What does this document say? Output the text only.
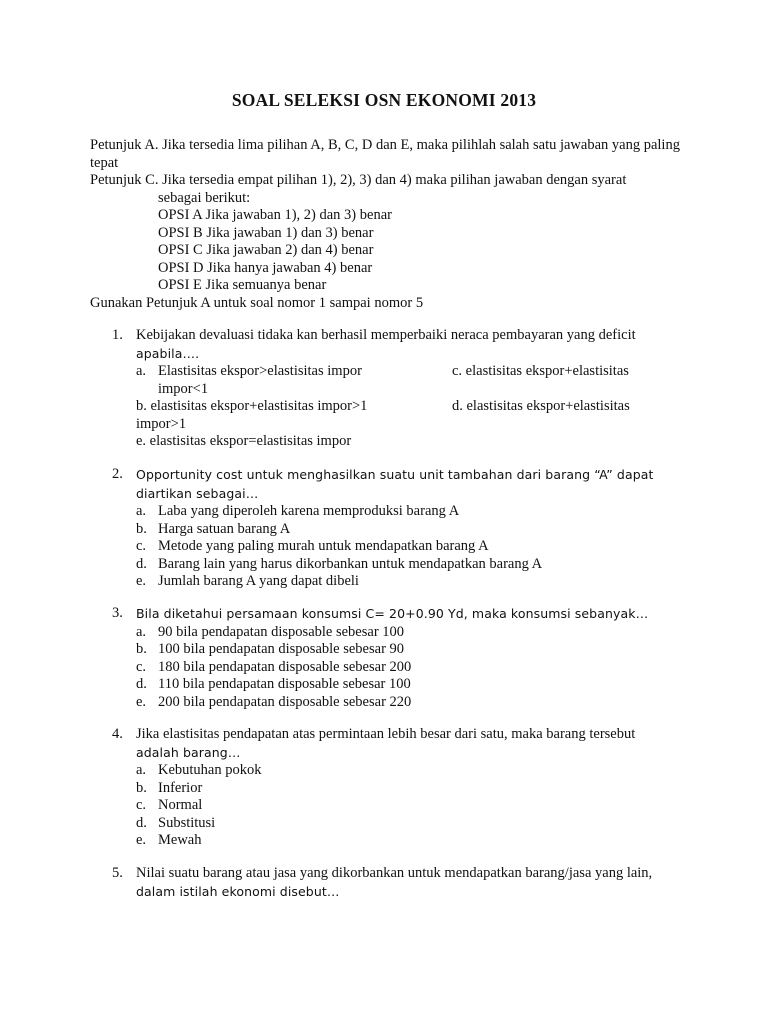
SOAL SELEKSI OSN EKONOMI 2013

Petunjuk A. Jika tersedia lima pilihan A, B, C, D dan E, maka pilihlah salah satu jawaban yang paling tepat

Petunjuk C. Jika tersedia empat pilihan 1), 2), 3) dan 4) maka pilihan jawaban dengan syarat

sebagai berikut:

OPSI A Jika jawaban 1), 2) dan 3) benar

OPSI B Jika jawaban 1) dan 3) benar

OPSI C Jika jawaban 2) dan 4) benar

OPSI D Jika hanya jawaban 4) benar

OPSI E Jika semuanya benar

Gunakan Petunjuk A untuk soal nomor 1 sampai nomor 5

1. Kebijakan devaluasi tidaka kan berhasil memperbaiki neraca pembayaran yang deficit
apabila….

a. Elastisitas ekspor>elastisitas impor
impor<1
c. elastisitas ekspor+elastisitas
b. elastisitas ekspor+elastisitas impor>1
impor>1
d. elastisitas ekspor+elastisitas
e. elastisitas ekspor=elastisitas impor
2.	Opportunity cost untuk menghasilkan suatu unit tambahan dari barang “A” dapat
diartikan sebagai…

a. Laba yang diperoleh karena memproduksi barang A
b. Harga satuan barang A
c. Metode yang paling murah untuk mendapatkan barang A
d. Barang lain yang harus dikorbankan untuk mendapatkan barang A
e. Jumlah barang A yang dapat dibeli
3.	Bila diketahui persamaan konsumsi C= 20+0.90 Yd, maka konsumsi sebanyak…

a. 90 bila pendapatan disposable sebesar 100
b. 100 bila pendapatan disposable sebesar 90
c. 180 bila pendapatan disposable sebesar 200
d. 110 bila pendapatan disposable sebesar 100
e. 200 bila pendapatan disposable sebesar 220
4. Jika elastisitas pendapatan atas permintaan lebih besar dari satu, maka barang tersebut
adalah barang…

a. Kebutuhan pokok
b. Inferior
c. Normal
d. Substitusi
e. Mewah
5. Nilai suatu barang atau jasa yang dikorbankan untuk mendapatkan barang/jasa yang lain,
dalam istilah ekonomi disebut…
